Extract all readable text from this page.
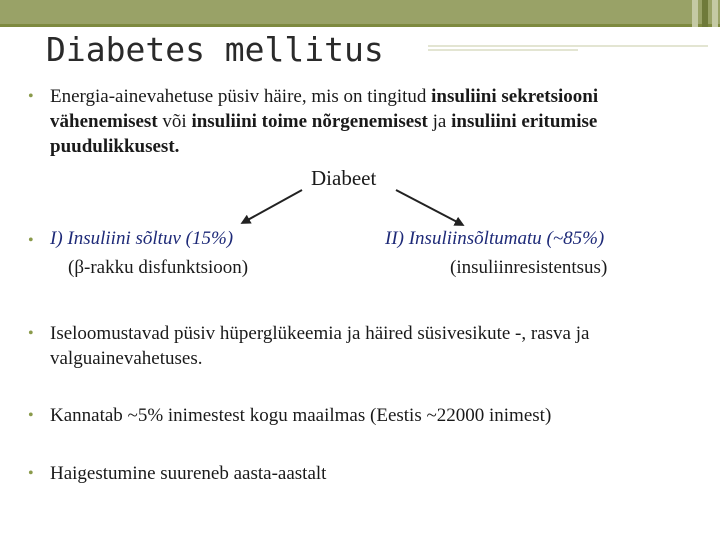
Diabetes mellitus
• Energia-ainevahetuse püsiv häire, mis on tingitud insuliini sekretsiooni vähenemisest või insuliini toime nõrgenemisest ja insuliini eritumise puudulikkusest.
Diabeet
• I) Insuliini sõltuv (15%)
(β-rakku disfunktsioon)
II) Insuliinsõltumatu (~85%)
(insuliinresistentsus)
• Iseloomustavad püsiv hüperglükeemia ja häired süsivesikute -, rasva ja valguainevahetuses.
• Kannatab ~5% inimestest kogu maailmas (Eestis ~22000 inimest)
• Haigestumine suureneb aasta-aastalt
